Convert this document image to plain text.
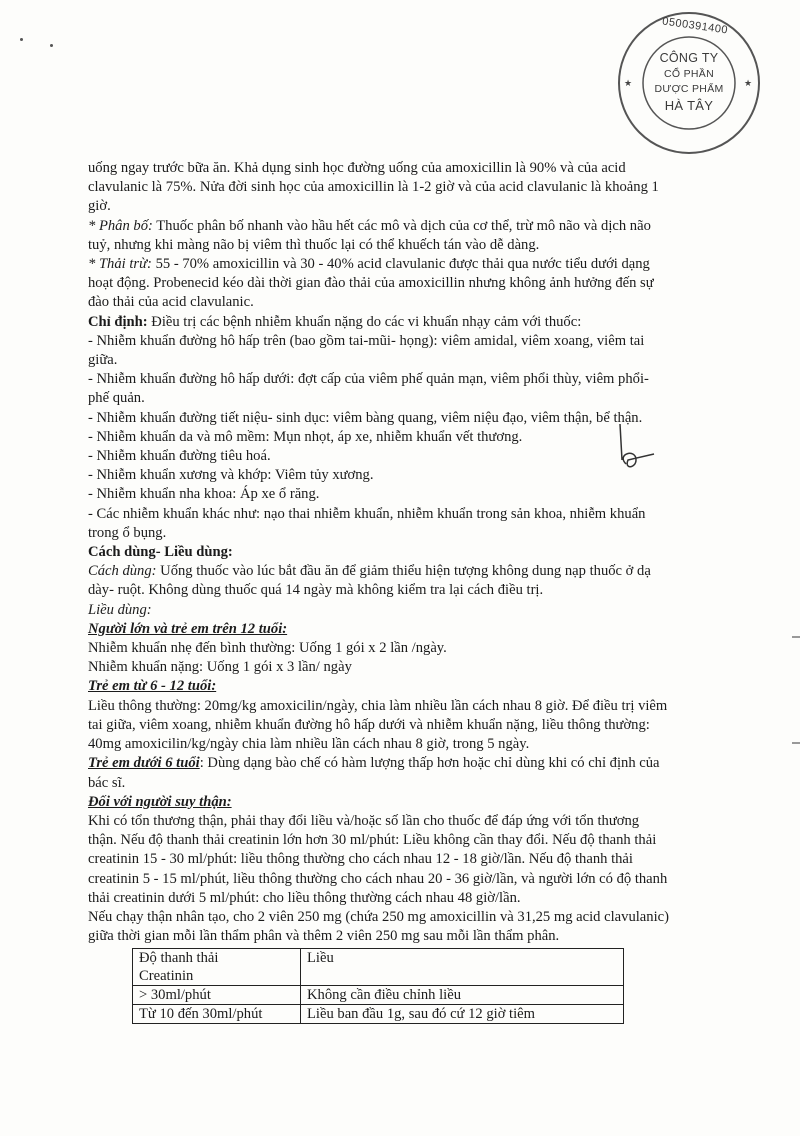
★	★
0500391400
CÔNG TY
CỔ PHẦN
DƯỢC PHẨM
HÀ TÂY

uống ngay trước bữa ăn. Khả dụng sinh học đường uống của amoxicillin là 90% và của acid

clavulanic là 75%. Nửa đời sinh học của amoxicillin là 1-2 giờ và của acid clavulanic là khoảng 1

giờ.

* Phân bố: Thuốc phân bố nhanh vào hầu hết các mô và dịch của cơ thể, trừ mô não và dịch não

tuỷ, nhưng khi màng não bị viêm thì thuốc lại có thể khuếch tán vào dễ dàng.

* Thải trừ: 55 - 70% amoxicillin và 30 - 40% acid clavulanic được thải qua nước tiểu dưới dạng

hoạt động. Probenecid kéo dài thời gian đào thải của amoxicillin nhưng không ảnh hưởng đến sự

đào thải của acid clavulanic.

Chỉ định: Điều trị các bệnh nhiễm khuẩn nặng do các vi khuẩn nhạy cảm với thuốc:

- Nhiễm khuẩn đường hô hấp trên (bao gồm tai-mũi- họng): viêm amidal, viêm xoang, viêm tai

giữa.

- Nhiễm khuẩn đường hô hấp dưới: đợt cấp của viêm phế quản mạn, viêm phổi thùy, viêm phổi-

phế quản.

- Nhiễm khuẩn đường tiết niệu- sinh dục: viêm bàng quang, viêm niệu đạo, viêm thận, bể thận.

- Nhiễm khuẩn da và mô mềm: Mụn nhọt, áp xe, nhiễm khuẩn vết thương.

- Nhiễm khuẩn đường tiêu hoá.

- Nhiễm khuẩn xương và khớp: Viêm tủy xương.

- Nhiễm khuẩn nha khoa: Áp xe ổ răng.

- Các nhiễm khuẩn khác như: nạo thai nhiễm khuẩn, nhiễm khuẩn trong sản khoa, nhiễm khuẩn

trong ổ bụng.

Cách dùng- Liều dùng:

Cách dùng: Uống thuốc vào lúc bắt đầu ăn để giảm thiểu hiện tượng không dung nạp thuốc ở dạ

dày- ruột. Không dùng thuốc quá 14 ngày mà không kiểm tra lại cách điều trị.

Liều dùng:

Người lớn và trẻ em trên 12 tuổi:

Nhiễm khuẩn nhẹ đến bình thường: Uống 1 gói x 2 lần /ngày.

Nhiễm khuẩn nặng: Uống 1 gói x 3 lần/ ngày

Trẻ em từ 6 - 12 tuổi:

Liều thông thường: 20mg/kg amoxicilin/ngày, chia làm nhiều lần cách nhau 8 giờ. Để điều trị viêm

tai giữa, viêm xoang, nhiễm khuẩn đường hô hấp dưới và nhiễm khuẩn nặng, liều thông thường:

40mg amoxicilin/kg/ngày chia làm nhiều lần cách nhau 8 giờ, trong 5 ngày.

Trẻ em dưới 6 tuổi: Dùng dạng bào chế có hàm lượng thấp hơn hoặc chỉ dùng khi có chỉ định của

bác sĩ.

Đối với người suy thận:

Khi có tổn thương thận, phải thay đổi liều và/hoặc số lần cho thuốc để đáp ứng với tổn thương

thận. Nếu độ thanh thải creatinin lớn hơn 30 ml/phút: Liều không cần thay đổi. Nếu độ thanh thải

creatinin 15 - 30 ml/phút: liều thông thường cho cách nhau 12 - 18 giờ/lần. Nếu độ thanh thải

creatinin 5 - 15 ml/phút, liều thông thường cho cách nhau 20 - 36 giờ/lần, và người lớn có độ thanh

thải creatinin dưới 5 ml/phút: cho liều thông thường cách nhau 48 giờ/lần.

Nếu chạy thận nhân tạo, cho 2 viên 250 mg (chứa 250 mg amoxicillin và 31,25 mg acid clavulanic)

giữa thời gian mỗi lần thẩm phân và thêm 2 viên 250 mg sau mỗi lần thẩm phân.

Độ thanh thải
Creatinin	Liều
> 30ml/phút	Không cần điều chỉnh liều
Từ 10 đến 30ml/phút	Liều ban đầu 1g, sau đó cứ 12 giờ tiêm
